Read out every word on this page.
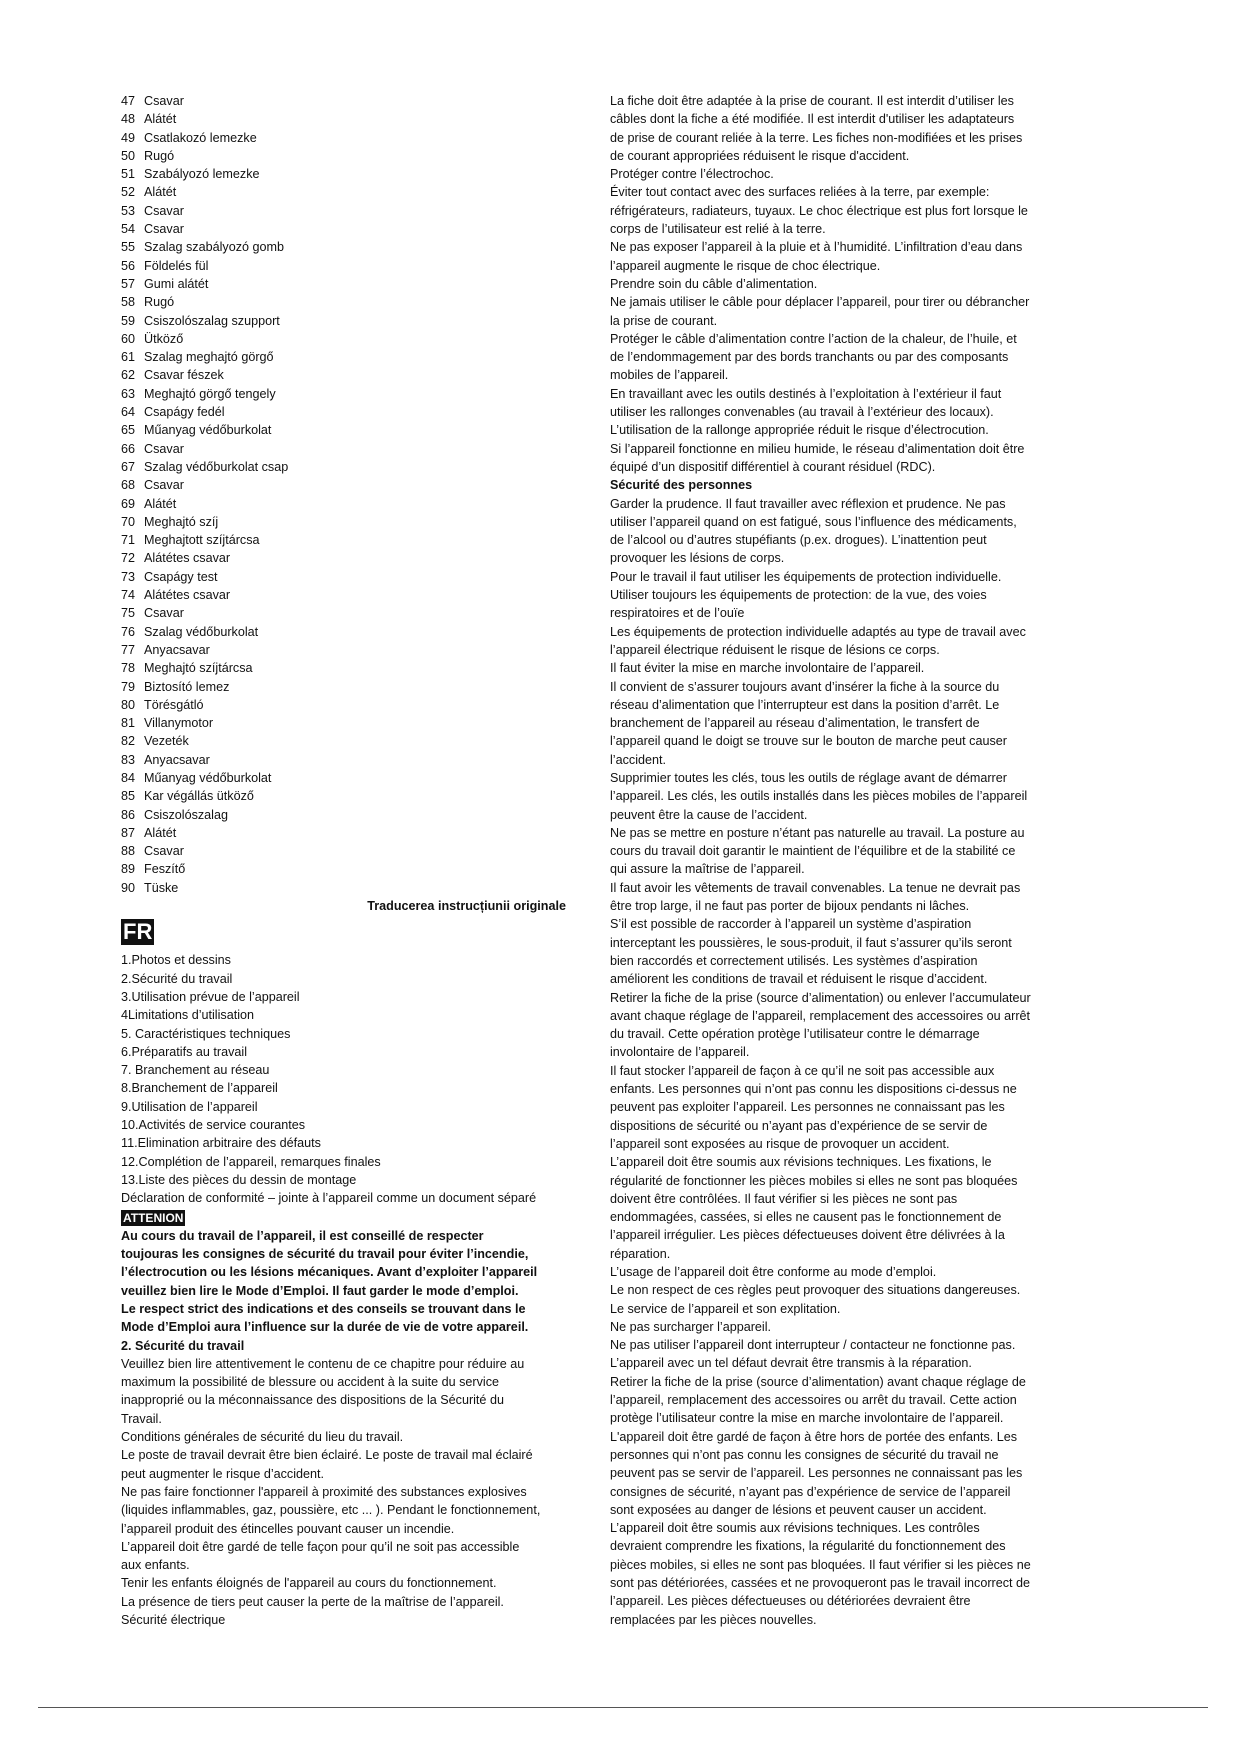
47 Csavar
48 Alátét
49 Csatlakozó lemezke
50 Rugó
51 Szabályozó lemezke
52 Alátét
53 Csavar
54 Csavar
55 Szalag szabályozó gomb
56 Földelés fül
57 Gumi alátét
58 Rugó
59 Csiszolószalag szupport
60 Ütköző
61 Szalag meghajtó görgő
62 Csavar fészek
63 Meghajtó görgő tengely
64 Csapágy fedél
65 Műanyag védőburkolat
66 Csavar
67 Szalag védőburkolat csap
68 Csavar
69 Alátét
70 Meghajtó szíj
71 Meghajtott szíjtárcsa
72 Alátétes csavar
73 Csapágy test
74 Alátétes csavar
75 Csavar
76 Szalag védőburkolat
77 Anyacsavar
78 Meghajtó szíjtárcsa
79 Biztosító lemez
80 Törésgátló
81 Villanymotor
82 Vezeték
83 Anyacsavar
84 Műanyag védőburkolat
85 Kar végállás ütköző
86 Csiszolószalag
87 Alátét
88 Csavar
89 Feszítő
90 Tüske
Traducerea instrucțiunii originale
FR
1.Photos et dessins
2.Sécurité du travail
3.Utilisation prévue de l’appareil
4Limitations d’utilisation
5. Caractéristiques techniques
6.Préparatifs au travail
7. Branchement au réseau
8.Branchement de l’appareil
9.Utilisation de l’appareil
10.Activités de service courantes
11.Elimination arbitraire des défauts
12.Complétion de l’appareil, remarques finales
13.Liste des pièces du dessin de montage
Déclaration de conformité – jointe à l’appareil comme un document séparé
ATTENION
Au cours du travail de l’appareil, il est conseillé de respecter
toujouras les consignes de sécurité du travail pour éviter l’incendie,
l’électrocution ou les lésions mécaniques. Avant d’exploiter l’appareil
veuillez bien lire le Mode d’Emploi. Il faut garder le mode d’emploi.
Le respect strict des indications et des conseils se trouvant dans le
Mode d’Emploi aura l’influence sur la durée de vie de votre appareil.
2. Sécurité du travail
Veuillez bien lire attentivement le contenu de ce chapitre pour réduire au
maximum la possibilité de blessure ou accident à la suite du service
inapproprié ou la méconnaissance des dispositions de la Sécurité du
Travail.
Conditions générales de sécurité du lieu du travail.
Le poste de travail devrait être bien éclairé. Le poste de travail mal éclairé
peut augmenter le risque d’accident.
Ne pas faire fonctionner l'appareil à proximité des substances explosives
(liquides inflammables, gaz, poussière, etc ... ). Pendant le fonctionnement,
l’appareil produit des étincelles pouvant causer un incendie.
L’appareil doit être gardé de telle façon pour qu’il ne soit pas accessible
aux enfants.
Tenir les enfants éloignés de l'appareil au cours du fonctionnement.
La présence de tiers peut causer la perte de la maîtrise de l’appareil.
Sécurité électrique
La fiche doit être adaptée à la prise de courant. Il est interdit d’utiliser les
câbles dont la fiche a été modifiée. Il est interdit d'utiliser les adaptateurs
de prise de courant reliée à la terre. Les fiches non-modifiées et les prises
de courant appropriées réduisent le risque d'accident.
Protéger contre l’électrochoc.
Éviter tout contact avec des surfaces reliées à la terre, par exemple:
réfrigérateurs, radiateurs, tuyaux. Le choc électrique est plus fort lorsque le
corps de l’utilisateur est relié à la terre.
Ne pas exposer l’appareil à la pluie et à l’humidité. L’infiltration d’eau dans
l’appareil augmente le risque de choc électrique.
Prendre soin du câble d’alimentation.
Ne jamais utiliser le câble pour déplacer l’appareil, pour tirer ou débrancher
la prise de courant.
Protéger le câble d’alimentation contre l’action de la chaleur, de l’huile, et
de l’endommagement par des bords tranchants ou par des composants
mobiles de l’appareil.
En travaillant avec les outils destinés à l’exploitation à l’extérieur il faut
utiliser les rallonges convenables (au travail à l’extérieur des locaux).
L’utilisation de la rallonge appropriée réduit le risque d’électrocution.
Si l’appareil fonctionne en milieu humide, le réseau d’alimentation doit être
équipé d’un dispositif différentiel à courant résiduel (RDC).
Sécurité des personnes
Garder la prudence. Il faut travailler avec réflexion et prudence. Ne pas
utiliser l’appareil quand on est fatigué, sous l’influence des médicaments,
de l’alcool ou d’autres stupéfiants (p.ex. drogues). L’inattention peut
provoquer les lésions de corps.
Pour le travail il faut utiliser les équipements de protection individuelle.
Utiliser toujours les équipements de protection: de la vue, des voies
respiratoires et de l’ouïe
Les équipements de protection individuelle adaptés au type de travail avec
l’appareil électrique réduisent le risque de lésions ce corps.
Il faut éviter la mise en marche involontaire de l’appareil.
Il convient de s’assurer toujours avant d’insérer la fiche à la source du
réseau d’alimentation que l’interrupteur est dans la position d’arrêt. Le
branchement de l’appareil au réseau d’alimentation, le transfert de
l’appareil quand le doigt se trouve sur le bouton de marche peut causer
l’accident.
Supprimier toutes les clés, tous les outils de réglage avant de démarrer
l’appareil. Les clés, les outils installés dans les pièces mobiles de l’appareil
peuvent être la cause de l’accident.
Ne pas se mettre en posture n’étant pas naturelle au travail. La posture au
cours du travail doit garantir le maintient de l’équilibre et de la stabilité ce
qui assure la maîtrise de l’appareil.
Il faut avoir les vêtements de travail convenables. La tenue ne devrait pas
être trop large, il ne faut pas porter de bijoux pendants ni lâches.
S’il est possible de raccorder à l’appareil un système d’aspiration
interceptant les poussières, le sous-produit, il faut s’assurer qu’ils seront
bien raccordés et correctement utilisés. Les systèmes d’aspiration
améliorent les conditions de travail et réduisent le risque d’accident.
Retirer la fiche de la prise (source d’alimentation) ou enlever l’accumulateur
avant chaque réglage de l’appareil, remplacement des accessoires ou arrêt
du travail. Cette opération protège l’utilisateur contre le démarrage
involontaire de l’appareil.
Il faut stocker l’appareil de façon à ce qu’il ne soit pas accessible aux
enfants. Les personnes qui n’ont pas connu les dispositions ci-dessus ne
peuvent pas exploiter l’appareil. Les personnes ne connaissant pas les
dispositions de sécurité ou n’ayant pas d’expérience de se servir de
l’appareil sont exposées au risque de provoquer un accident.
L’appareil doit être soumis aux révisions techniques. Les fixations, le
régularité de fonctionner les pièces mobiles si elles ne sont pas bloquées
doivent être contrôlées. Il faut vérifier si les pièces ne sont pas
endommagées, cassées, si elles ne causent pas le fonctionnement de
l’appareil irrégulier. Les pièces défectueuses doivent être délivrées à la
réparation.
L’usage de l’appareil doit être conforme au mode d’emploi.
Le non respect de ces règles peut provoquer des situations dangereuses.
Le service de l’appareil et son explitation.
Ne pas surcharger l’appareil.
Ne pas utiliser l’appareil dont interrupteur / contacteur ne fonctionne pas.
L’appareil avec un tel défaut devrait être transmis à la réparation.
Retirer la fiche de la prise (source d’alimentation) avant chaque réglage de
l’appareil, remplacement des accessoires ou arrêt du travail. Cette action
protège l’utilisateur contre la mise en marche involontaire de l’appareil.
L'appareil doit être gardé de façon à être hors de portée des enfants. Les
personnes qui n’ont pas connu les consignes de sécurité du travail ne
peuvent pas se servir de l’appareil. Les personnes ne connaissant pas les
consignes de sécurité, n’ayant pas d’expérience de service de l’appareil
sont exposées au danger de lésions et peuvent causer un accident.
L’appareil doit être soumis aux révisions techniques. Les contrôles
devraient comprendre les fixations, la régularité du fonctionnement des
pièces mobiles, si elles ne sont pas bloquées. Il faut vérifier si les pièces ne
sont pas détériorées, cassées et ne provoqueront pas le travail incorrect de
l’appareil. Les pièces défectueuses ou détériorées devraient être
remplacées par les pièces nouvelles.
